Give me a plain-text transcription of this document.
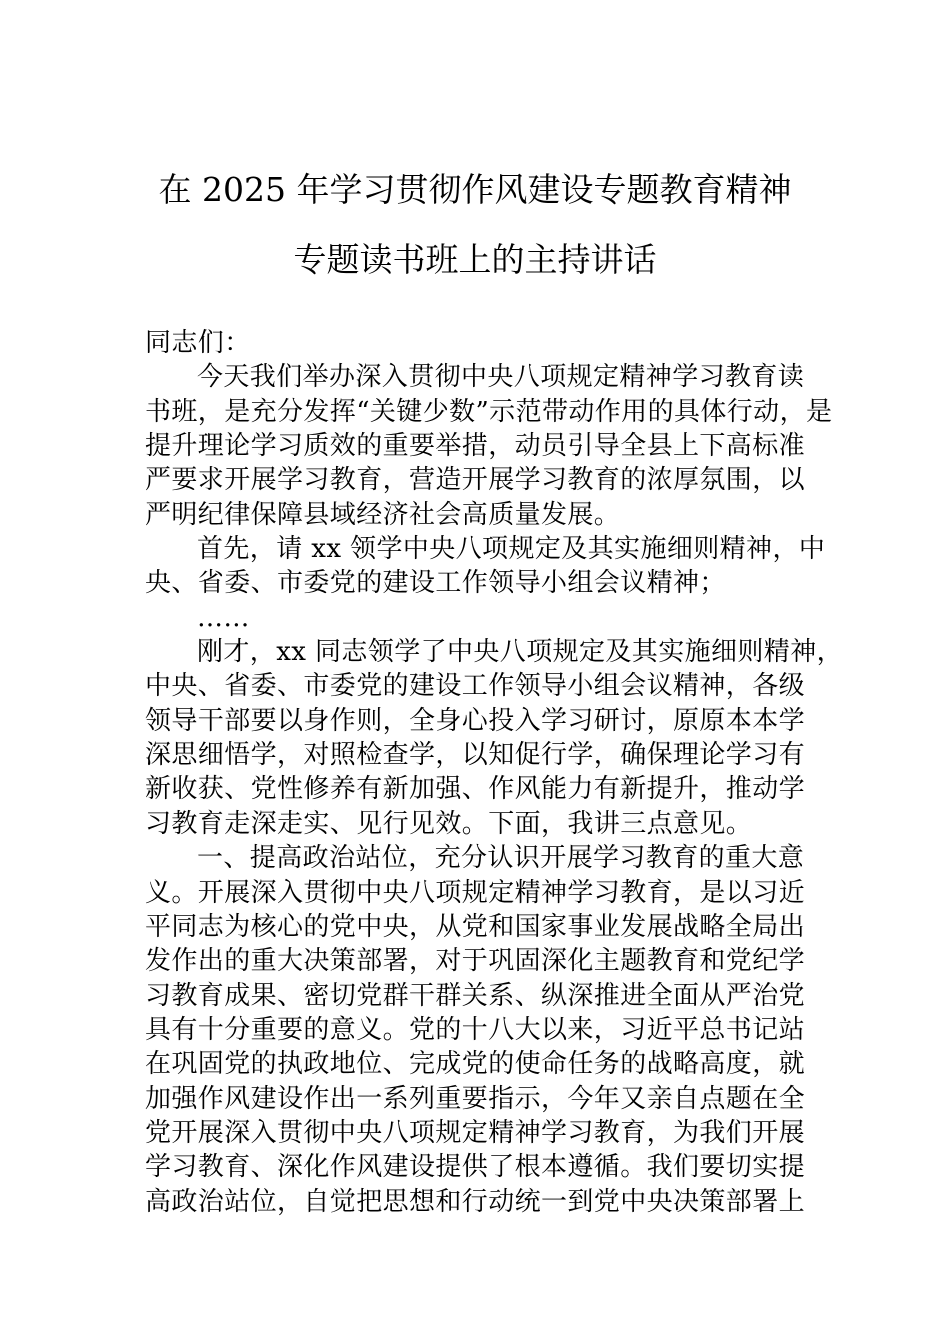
在 2025 年学习贯彻作风建设专题教育精神
专题读书班上的主持讲话
同志们：
今天我们举办深入贯彻中央八项规定精神学习教育读
书班，是充分发挥“关键少数”示范带动作用的具体行动，是
提升理论学习质效的重要举措，动员引导全县上下高标准
严要求开展学习教育，营造开展学习教育的浓厚氛围，以
严明纪律保障县域经济社会高质量发展。
首先，请 xx 领学中央八项规定及其实施细则精神，中
央、省委、市委党的建设工作领导小组会议精神；
……
刚才，xx 同志领学了中央八项规定及其实施细则精神，
中央、省委、市委党的建设工作领导小组会议精神，各级
领导干部要以身作则，全身心投入学习研讨，原原本本学
深思细悟学，对照检查学，以知促行学，确保理论学习有
新收获、党性修养有新加强、作风能力有新提升，推动学
习教育走深走实、见行见效。下面，我讲三点意见。
一、提高政治站位，充分认识开展学习教育的重大意
义。开展深入贯彻中央八项规定精神学习教育，是以习近
平同志为核心的党中央，从党和国家事业发展战略全局出
发作出的重大决策部署，对于巩固深化主题教育和党纪学
习教育成果、密切党群干群关系、纵深推进全面从严治党
具有十分重要的意义。党的十八大以来，习近平总书记站
在巩固党的执政地位、完成党的使命任务的战略高度，就
加强作风建设作出一系列重要指示，今年又亲自点题在全
党开展深入贯彻中央八项规定精神学习教育，为我们开展
学习教育、深化作风建设提供了根本遵循。我们要切实提
高政治站位，自觉把思想和行动统一到党中央决策部署上
